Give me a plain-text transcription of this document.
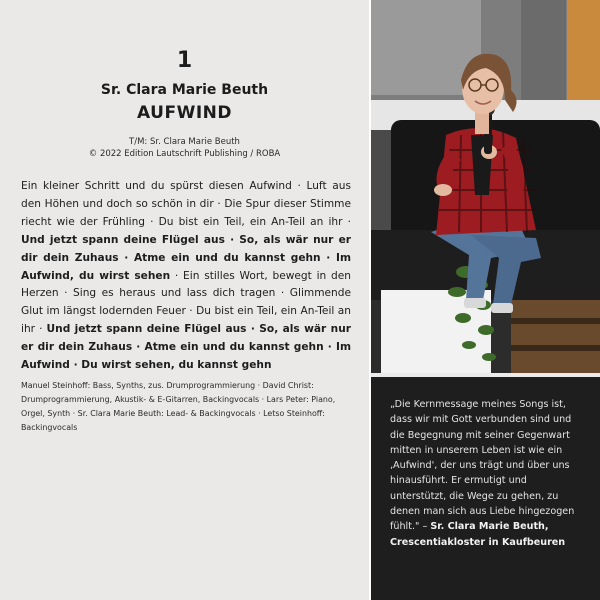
1
Sr. Clara Marie Beuth
AUFWIND
T/M: Sr. Clara Marie Beuth
© 2022 Edition Lautschrift Publishing / ROBA
Ein kleiner Schritt und du spürst diesen Aufwind · Luft aus den Höhen und doch so schön in dir · Die Spur dieser Stimme riecht wie der Frühling · Du bist ein Teil, ein An-Teil an ihr · Und jetzt spann deine Flügel aus · So, als wär nur er dir dein Zuhaus · Atme ein und du kannst gehn · Im Aufwind, du wirst sehen · Ein stilles Wort, bewegt in den Herzen · Sing es heraus und lass dich tragen · Glimmende Glut im längst lodernden Feuer · Du bist ein Teil, ein An-Teil an ihr · Und jetzt spann deine Flügel aus · So, als wär nur er dir dein Zuhaus · Atme ein und du kannst gehn · Im Aufwind · Du wirst sehen, du kannst gehn
Manuel Steinhoff: Bass, Synths, zus. Drumprogrammierung · David Christ: Drumprogrammierung, Akustik- & E-Gitarren, Backingvocals · Lars Peter: Piano, Orgel, Synth · Sr. Clara Marie Beuth: Lead- & Backingvocals · Letso Steinhoff: Backingvocals
„Die Kernmessage meines Songs ist, dass wir mit Gott verbunden sind und die Begegnung mit seiner Gegenwart mitten in unserem Leben ist wie ein ‚Aufwind', der uns trägt und über uns hinausführt. Er ermutigt und unterstützt, die Wege zu gehen, zu denen man sich aus Liebe hingezogen fühlt." – Sr. Clara Marie Beuth, Crescentiakloster in Kaufbeuren
